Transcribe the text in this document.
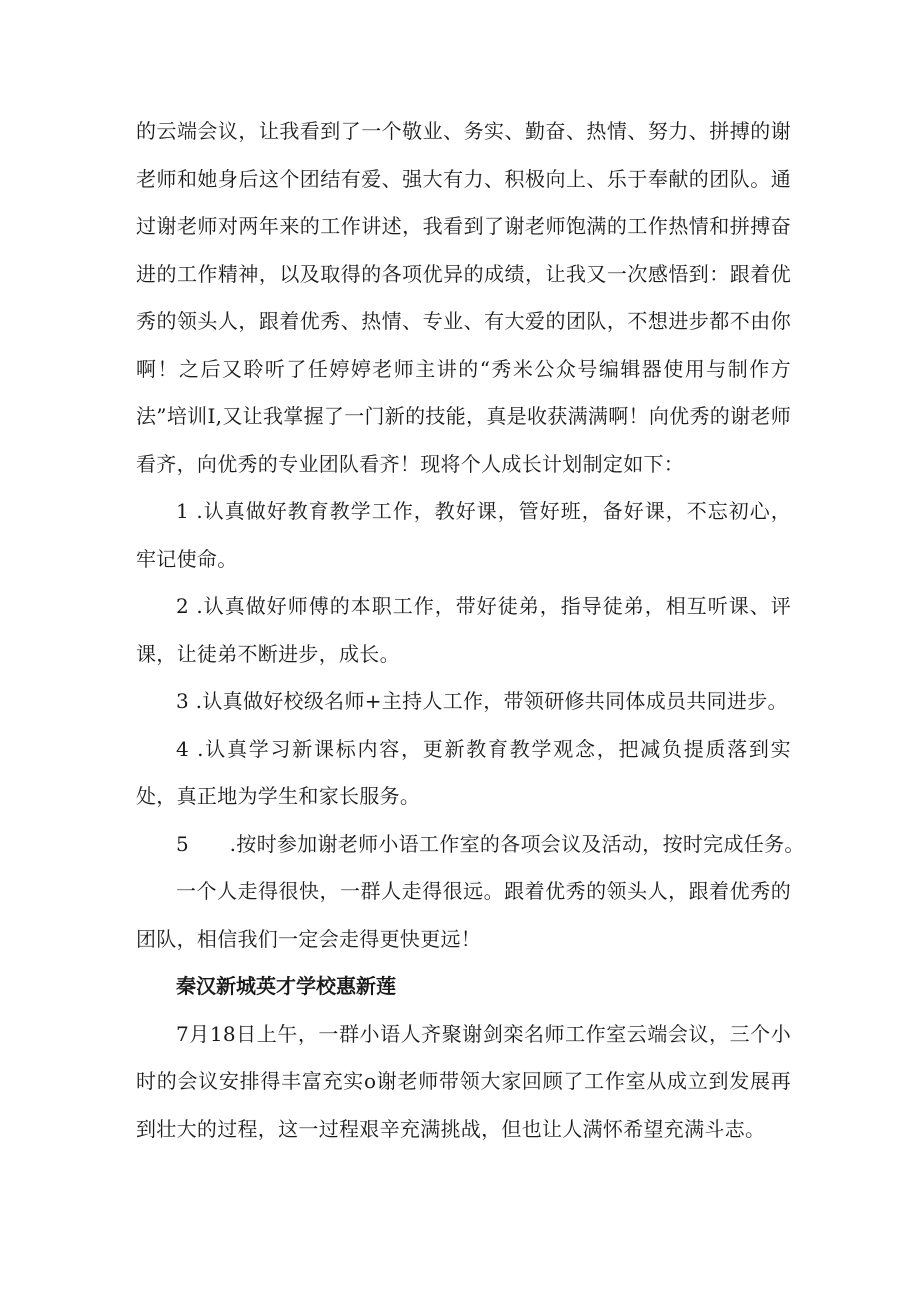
的云端会议，让我看到了一个敬业、务实、勤奋、热情、努力、拼搏的谢老师和她身后这个团结有爱、强大有力、积极向上、乐于奉献的团队。通过谢老师对两年来的工作讲述，我看到了谢老师饱满的工作热情和拼搏奋进的工作精神，以及取得的各项优异的成绩，让我又一次感悟到：跟着优秀的领头人，跟着优秀、热情、专业、有大爱的团队，不想进步都不由你啊！之后又聆听了任婷婷老师主讲的“秀米公众号编辑器使用与制作方法”培训I,又让我掌握了一门新的技能，真是收获满满啊！向优秀的谢老师看齐，向优秀的专业团队看齐！现将个人成长计划制定如下：

1 .认真做好教育教学工作，教好课，管好班，备好课，不忘初心，牢记使命。

2 .认真做好师傅的本职工作，带好徒弟，指导徒弟，相互听课、评课，让徒弟不断进步，成长。

3 .认真做好校级名师+主持人工作，带领研修共同体成员共同进步。

4 .认真学习新课标内容，更新教育教学观念，把减负提质落到实处，真正地为学生和家长服务。

5　　.按时参加谢老师小语工作室的各项会议及活动，按时完成任务。

一个人走得很快，一群人走得很远。跟着优秀的领头人，跟着优秀的团队，相信我们一定会走得更快更远！

秦汉新城英才学校惠新莲

7月18日上午，一群小语人齐聚谢剑栾名师工作室云端会议，三个小时的会议安排得丰富充实o谢老师带领大家回顾了工作室从成立到发展再到壮大的过程，这一过程艰辛充满挑战，但也让人满怀希望充满斗志。
